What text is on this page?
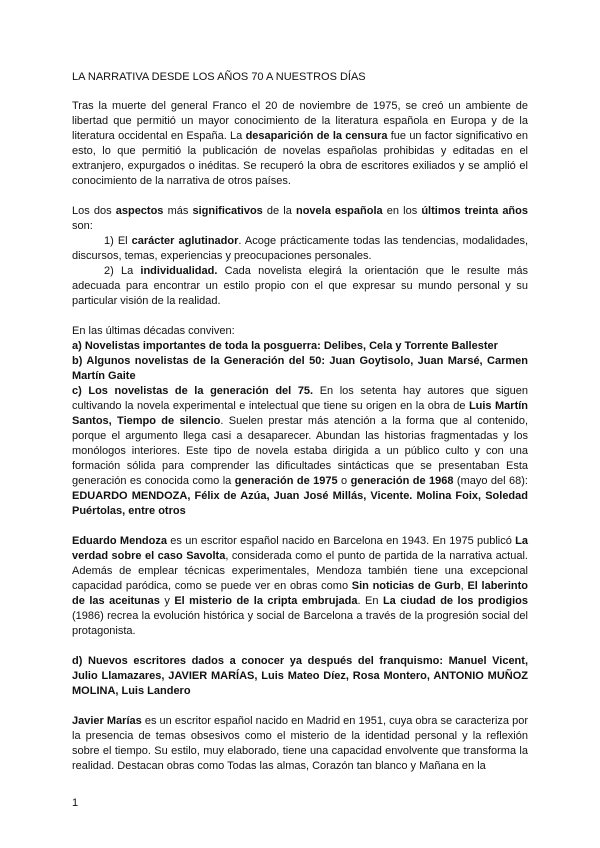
LA NARRATIVA DESDE LOS AÑOS 70 A NUESTROS DÍAS

Tras la muerte del general Franco el 20 de noviembre de 1975, se creó un ambiente de libertad que permitió un mayor conocimiento de la literatura española en Europa y de la literatura occidental en España. La desaparición de la censura fue un factor significativo en esto, lo que permitió la publicación de novelas españolas prohibidas y editadas en el extranjero, expurgados o inéditas. Se recuperó la obra de escritores exiliados y se amplió el conocimiento de la narrativa de otros países.

Los dos aspectos más significativos de la novela española en los últimos treinta años son:

1) El carácter aglutinador. Acoge prácticamente todas las tendencias, modalidades, discursos, temas, experiencias y preocupaciones personales.

2) La individualidad. Cada novelista elegirá la orientación que le resulte más adecuada para encontrar un estilo propio con el que expresar su mundo personal y su particular visión de la realidad.

En las últimas décadas conviven:

a) Novelistas importantes de toda la posguerra: Delibes, Cela y Torrente Ballester

b) Algunos novelistas de la Generación del 50: Juan Goytisolo, Juan Marsé, Carmen Martín Gaite

c) Los novelistas de la generación del 75. En los setenta hay autores que siguen cultivando la novela experimental e intelectual que tiene su origen en la obra de Luis Martín Santos, Tiempo de silencio. Suelen prestar más atención a la forma que al contenido, porque el argumento llega casi a desaparecer. Abundan las historias fragmentadas y los monólogos interiores. Este tipo de novela estaba dirigida a un público culto y con una formación sólida para comprender las dificultades sintácticas que se presentaban Esta generación es conocida como la generación de 1975 o generación de 1968 (mayo del 68): EDUARDO MENDOZA, Félix de Azúa, Juan José Millás, Vicente. Molina Foix, Soledad Puértolas, entre otros

Eduardo Mendoza es un escritor español nacido en Barcelona en 1943. En 1975 publicó La verdad sobre el caso Savolta, considerada como el punto de partida de la narrativa actual. Además de emplear técnicas experimentales, Mendoza también tiene una excepcional capacidad paródica, como se puede ver en obras como Sin noticias de Gurb, El laberinto de las aceitunas y El misterio de la cripta embrujada. En La ciudad de los prodigios (1986) recrea la evolución histórica y social de Barcelona a través de la progresión social del protagonista.

d) Nuevos escritores dados a conocer ya después del franquismo: Manuel Vicent, Julio Llamazares, JAVIER MARÍAS, Luis Mateo Díez, Rosa Montero, ANTONIO MUÑOZ MOLINA, Luis Landero

Javier Marías es un escritor español nacido en Madrid en 1951, cuya obra se caracteriza por la presencia de temas obsesivos como el misterio de la identidad personal y la reflexión sobre el tiempo. Su estilo, muy elaborado, tiene una capacidad envolvente que transforma la realidad. Destacan obras como Todas las almas, Corazón tan blanco y Mañana en la

1
